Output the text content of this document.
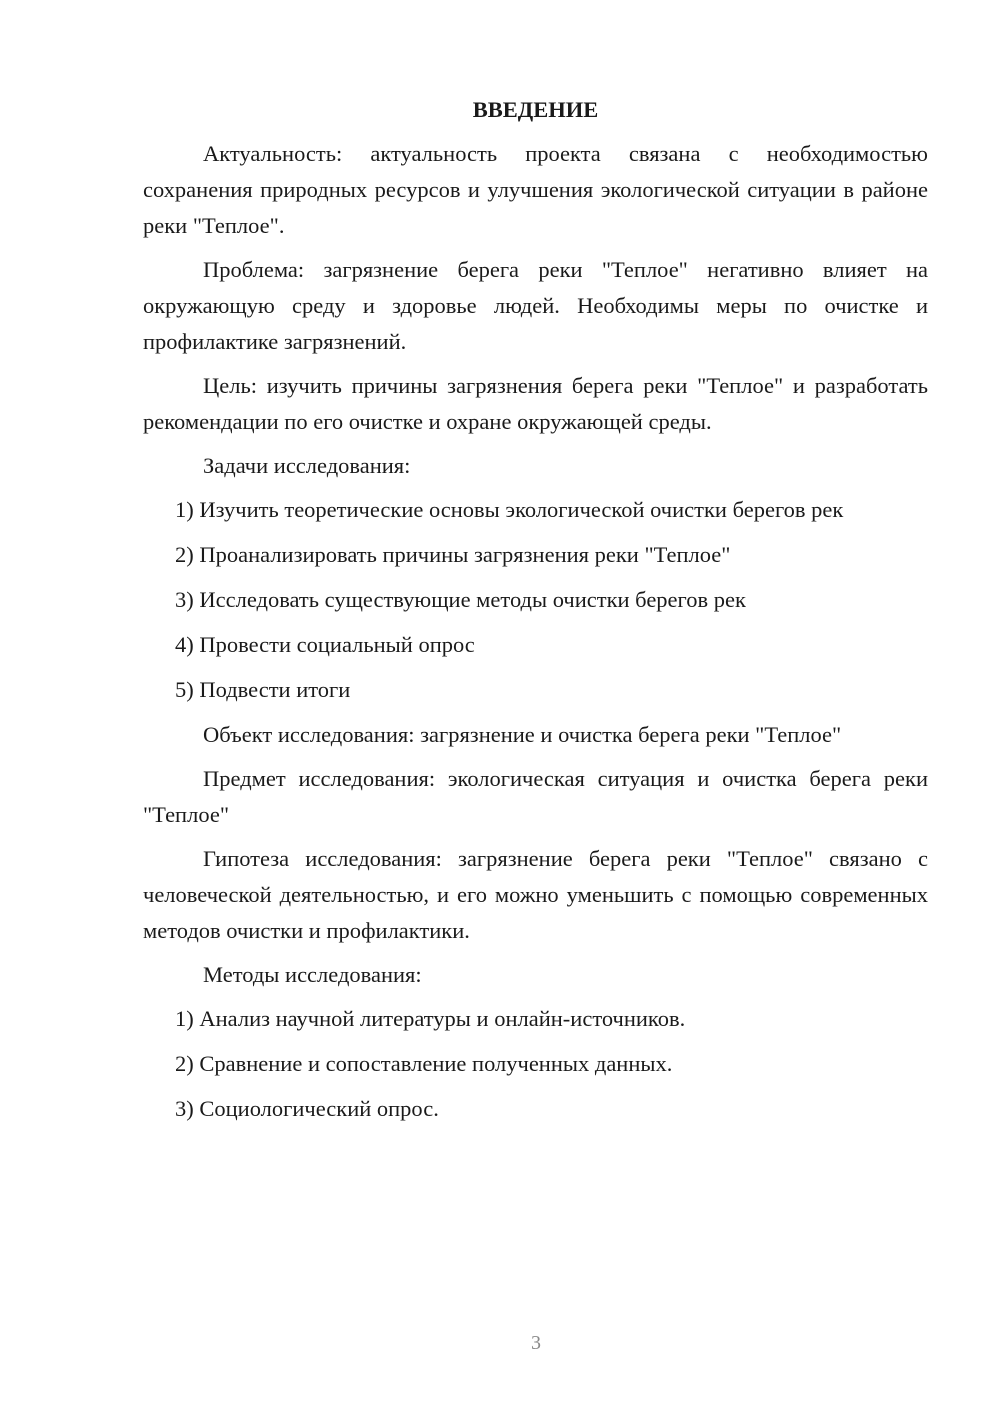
ВВЕДЕНИЕ

Актуальность: актуальность проекта связана с необходимостью сохранения природных ресурсов и улучшения экологической ситуации в районе реки "Теплое".

Проблема: загрязнение берега реки "Теплое" негативно влияет на окружающую среду и здоровье людей. Необходимы меры по очистке и профилактике загрязнений.

Цель: изучить причины загрязнения берега реки "Теплое" и разработать рекомендации по его очистке и охране окружающей среды.

Задачи исследования:

1) Изучить теоретические основы экологической очистки берегов рек
2) Проанализировать причины загрязнения реки "Теплое"
3) Исследовать существующие методы очистки берегов рек
4) Провести социальный опрос
5) Подвести итоги

Объект исследования: загрязнение и очистка берега реки "Теплое"

Предмет исследования: экологическая ситуация и очистка берега реки "Теплое"

Гипотеза исследования: загрязнение берега реки "Теплое" связано с человеческой деятельностью, и его можно уменьшить с помощью современных методов очистки и профилактики.

Методы исследования:

1) Анализ научной литературы и онлайн-источников.
2) Сравнение и сопоставление полученных данных.
3) Социологический опрос.
3
